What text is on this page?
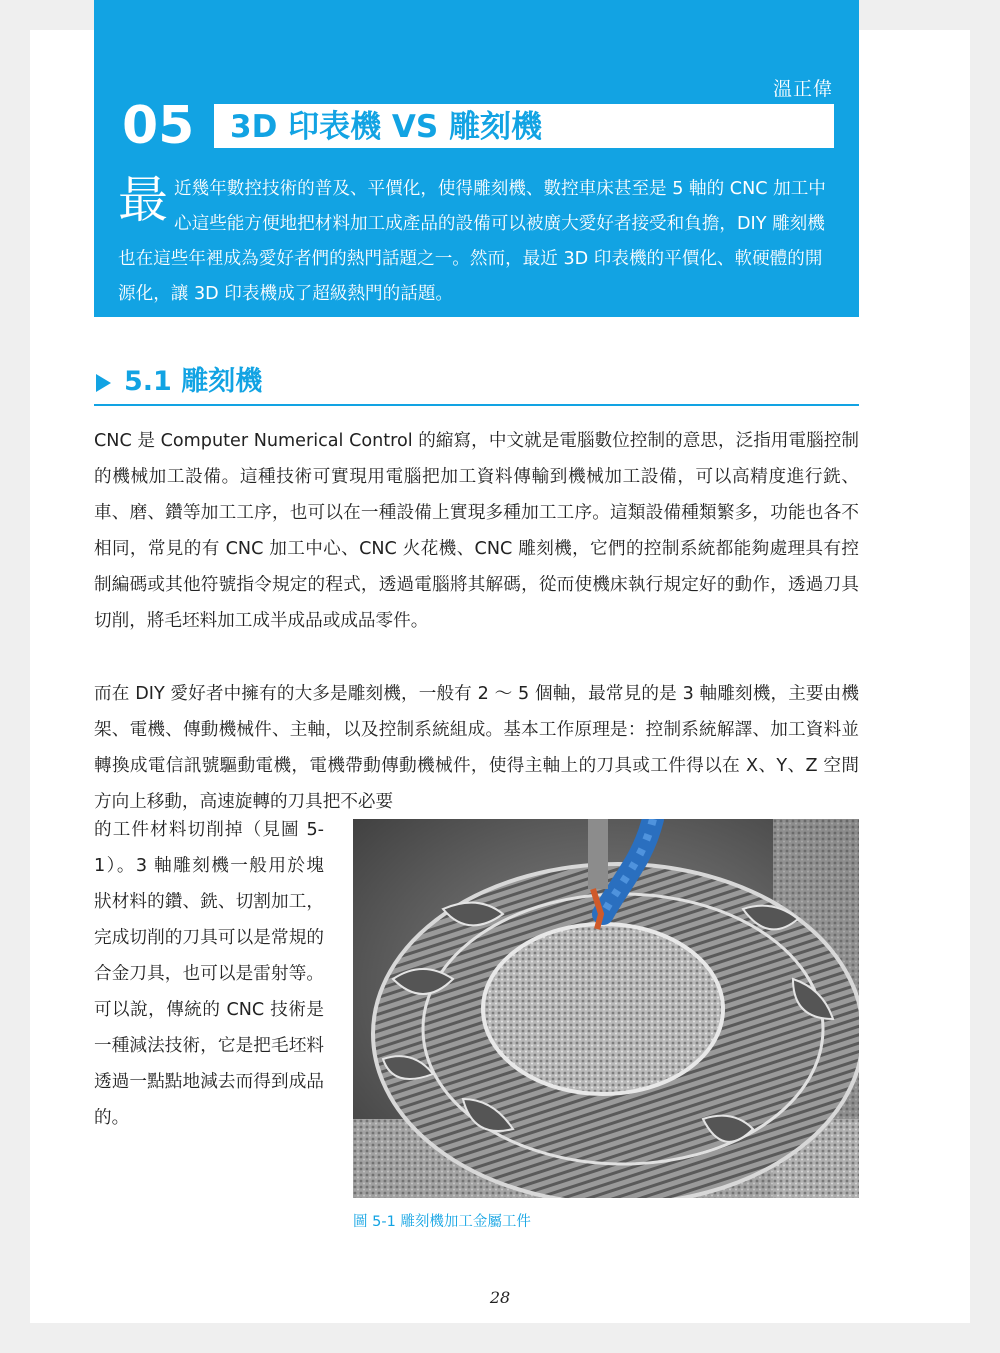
溫正偉
05 3D 印表機 VS 雕刻機
最 近幾年數控技術的普及、平價化，使得雕刻機、數控車床甚至是 5 軸的 CNC 加工中心這些能方便地把材料加工成產品的設備可以被廣大愛好者接受和負擔，DIY 雕刻機也在這些年裡成為愛好者們的熱門話題之一。然而，最近 3D 印表機的平價化、軟硬體的開源化，讓 3D 印表機成了超級熱門的話題。
5.1 雕刻機
CNC 是 Computer Numerical Control 的縮寫，中文就是電腦數位控制的意思，泛指用電腦控制的機械加工設備。這種技術可實現用電腦把加工資料傳輸到機械加工設備，可以高精度進行銑、車、磨、鑽等加工工序，也可以在一種設備上實現多種加工工序。這類設備種類繁多，功能也各不相同，常見的有 CNC 加工中心、CNC 火花機、CNC 雕刻機，它們的控制系統都能夠處理具有控制編碼或其他符號指令規定的程式，透過電腦將其解碼，從而使機床執行規定好的動作，透過刀具切削，將毛坯料加工成半成品或成品零件。
而在 DIY 愛好者中擁有的大多是雕刻機，一般有 2 ～ 5 個軸，最常見的是 3 軸雕刻機，主要由機架、電機、傳動機械件、主軸，以及控制系統組成。基本工作原理是：控制系統解譯、加工資料並轉換成電信訊號驅動電機，電機帶動傳動機械件，使得主軸上的刀具或工件得以在 X、Y、Z 空間方向上移動，高速旋轉的刀具把不必要
的工件材料切削掉（見圖 5-1）。3 軸雕刻機一般用於塊狀材料的鑽、銑、切割加工，完成切削的刀具可以是常規的合金刀具，也可以是雷射等。可以說，傳統的 CNC 技術是一種減法技術，它是把毛坯料透過一點點地減去而得到成品的。
圖 5-1 雕刻機加工金屬工件
28
